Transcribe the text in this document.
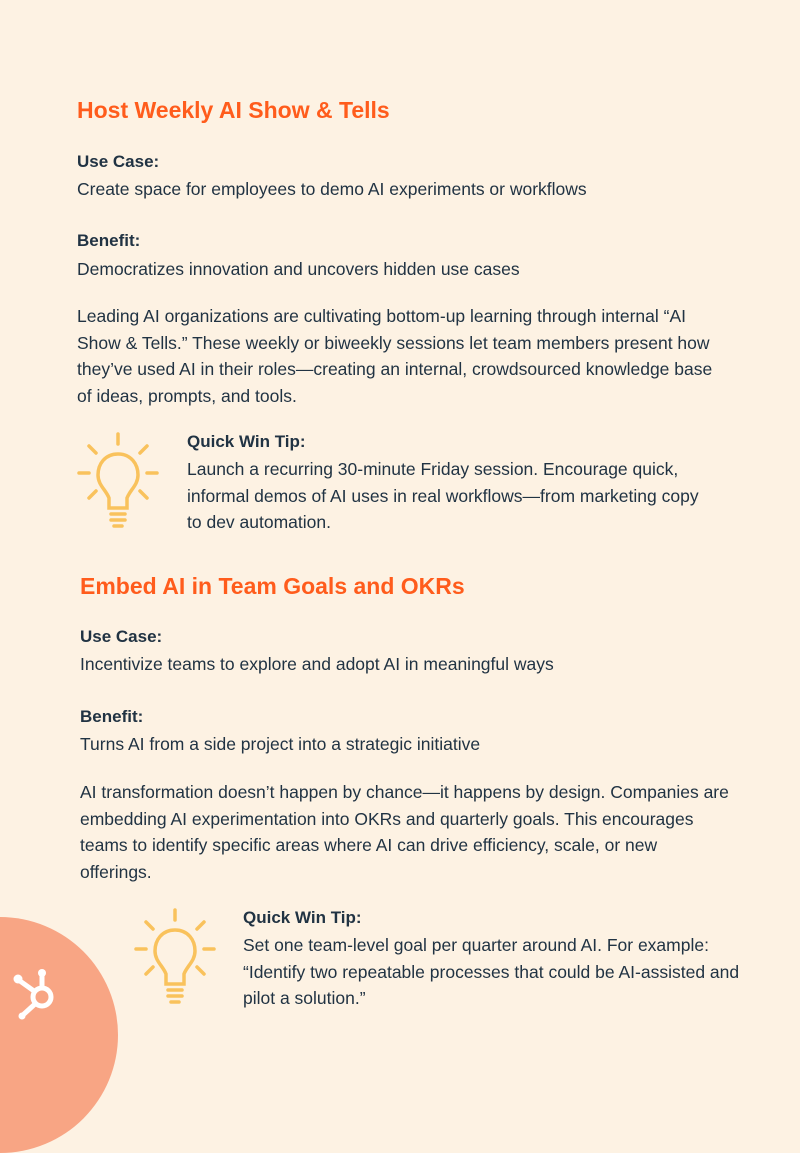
Host Weekly AI Show & Tells

Use Case:

Create space for employees to demo AI experiments or workflows

Benefit:

Democratizes innovation and uncovers hidden use cases

Leading AI organizations are cultivating bottom-up learning through internal “AI Show & Tells.” These weekly or biweekly sessions let team members present how they’ve used AI in their roles—creating an internal, crowdsourced knowledge base of ideas, prompts, and tools.

Quick Win Tip:

Launch a recurring 30-minute Friday session. Encourage quick, informal demos of AI uses in real workflows—from marketing copy to dev automation.

Embed AI in Team Goals and OKRs

Use Case:

Incentivize teams to explore and adopt AI in meaningful ways

Benefit:

Turns AI from a side project into a strategic initiative

AI transformation doesn’t happen by chance—it happens by design. Companies are embedding AI experimentation into OKRs and quarterly goals. This encourages teams to identify specific areas where AI can drive efficiency, scale, or new offerings.

Quick Win Tip:

Set one team-level goal per quarter around AI. For example: “Identify two repeatable processes that could be AI-assisted and pilot a solution.”
